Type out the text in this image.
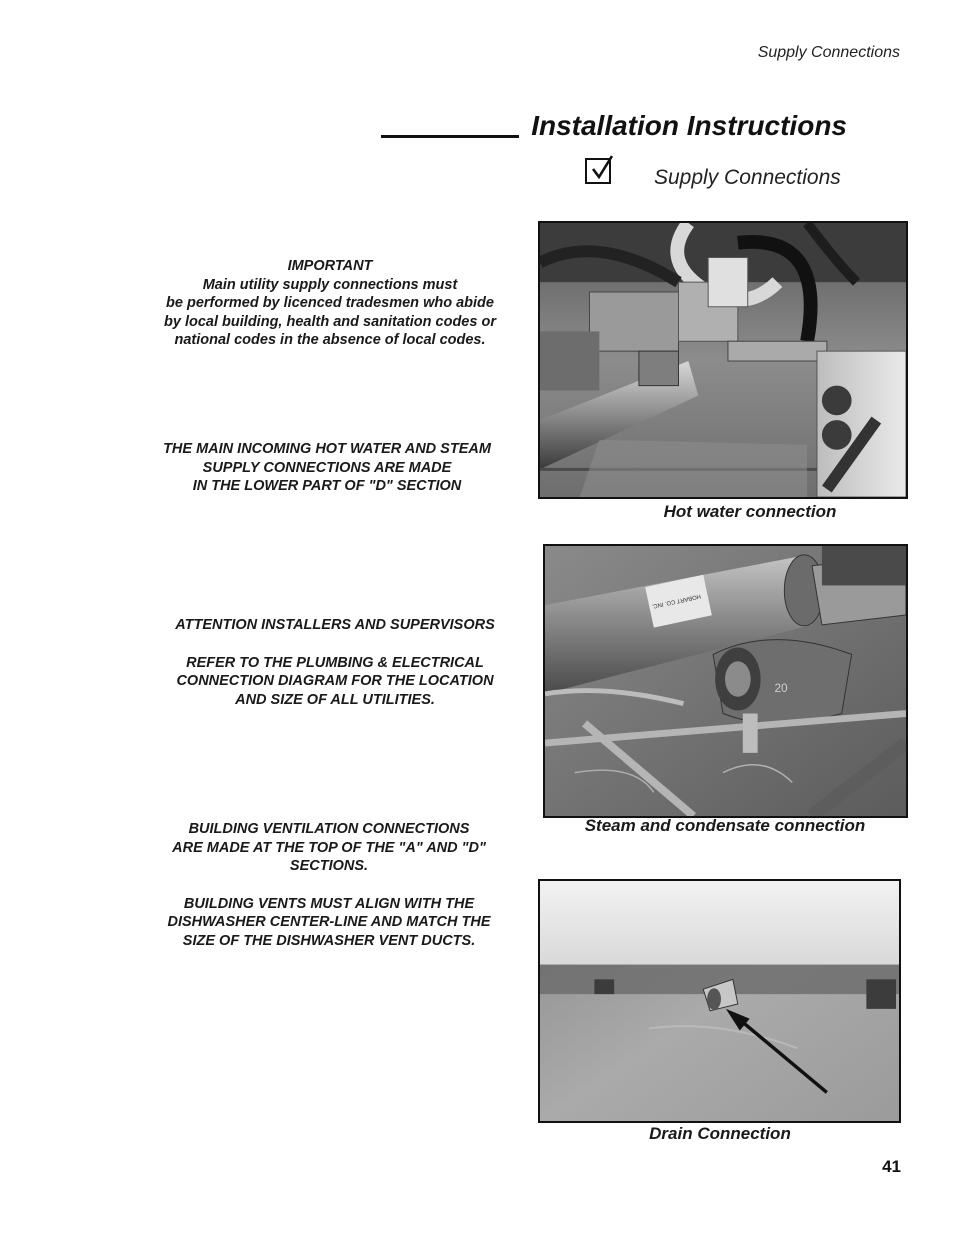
Supply Connections
Installation Instructions
Supply Connections

IMPORTANT

Main utility supply connections must

be performed by licenced tradesmen who abide

by local building, health and sanitation codes or

national codes in the absence of local codes.

THE MAIN INCOMING HOT WATER AND STEAM

SUPPLY CONNECTIONS ARE MADE

IN THE LOWER PART OF "D" SECTION

ATTENTION INSTALLERS AND SUPERVISORS

REFER TO THE PLUMBING & ELECTRICAL

CONNECTION DIAGRAM FOR THE LOCATION

AND SIZE OF ALL UTILITIES.

BUILDING VENTILATION CONNECTIONS

ARE MADE AT THE TOP OF THE "A" AND "D"

SECTIONS.

BUILDING VENTS MUST ALIGN WITH THE

DISHWASHER CENTER-LINE AND MATCH THE

SIZE OF THE DISHWASHER VENT DUCTS.

Hot water connection
HOBART CO. INC.
20
Steam and condensate connection
Drain Connection
41
